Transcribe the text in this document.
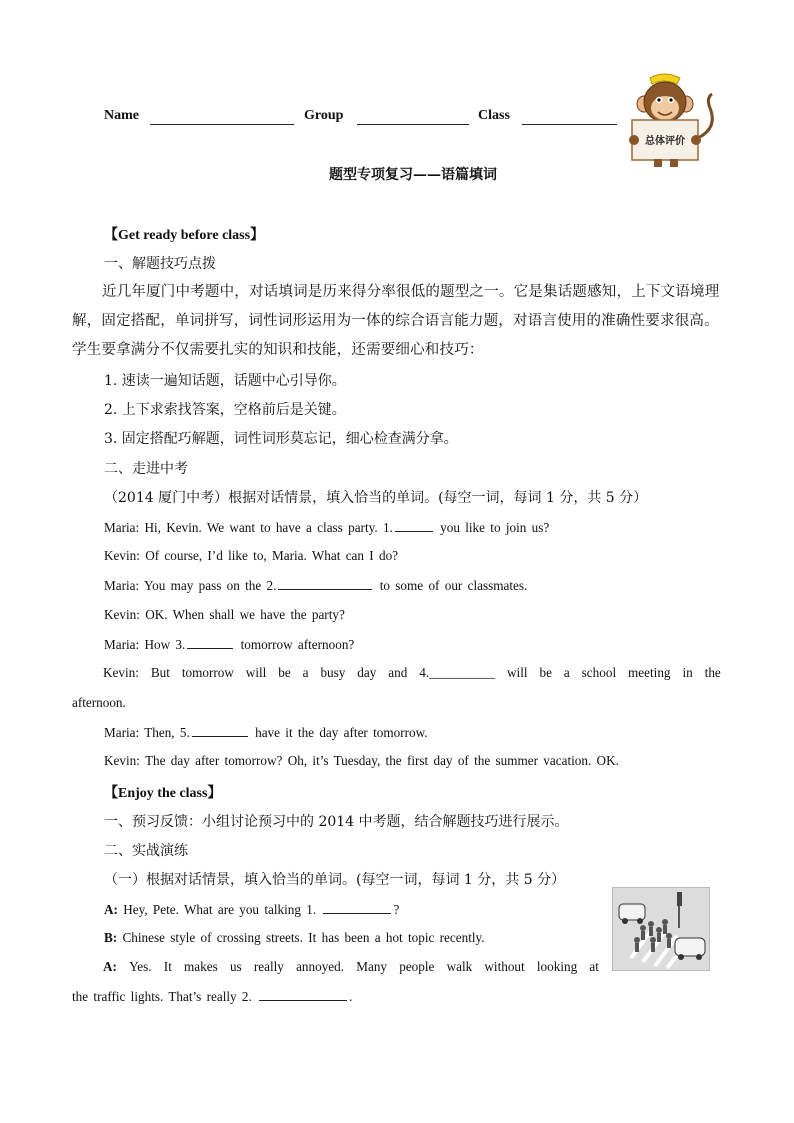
Name	Group	Class
总体评价
题型专项复习——语篇填词
【Get ready before class】
一、解题技巧点拨
近几年厦门中考题中，对话填词是历来得分率很低的题型之一。它是集话题感知，上下文语境理解，固定搭配，单词拼写，词性词形运用为一体的综合语言能力题，对语言使用的准确性要求很高。学生要拿满分不仅需要扎实的知识和技能，还需要细心和技巧：
1. 速读一遍知话题，话题中心引导你。
2. 上下求索找答案，空格前后是关键。
3. 固定搭配巧解题，词性词形莫忘记，细心检查满分拿。
二、走进中考
（2014 厦门中考）根据对话情景，填入恰当的单词。(每空一词，每词 1 分，共 5 分）
Maria: Hi, Kevin. We want to have a class party. 1.	you like to join us?
Kevin: Of course, I’d like to, Maria. What can I do?
Maria: You may pass on the 2.	to some of our classmates.
Kevin: OK. When shall we have the party?
Maria: How 3.	tomorrow afternoon?
Kevin: But tomorrow will be a busy day and 4.__________ will be a school meeting in the
afternoon.
Maria: Then, 5.	have it the day after tomorrow.
Kevin: The day after tomorrow? Oh, it’s Tuesday, the first day of the summer vacation. OK.
【Enjoy the class】
一、预习反馈：小组讨论预习中的 2014 中考题，结合解题技巧进行展示。
二、实战演练
（一）根据对话情景，填入恰当的单词。(每空一词，每词 1 分，共 5 分）
A: Hey, Pete. What are you talking 1.	?
B: Chinese style of crossing streets. It has been a hot topic recently.
A: Yes. It makes us really annoyed. Many people walk without looking at
the traffic lights. That’s really 2.	.
